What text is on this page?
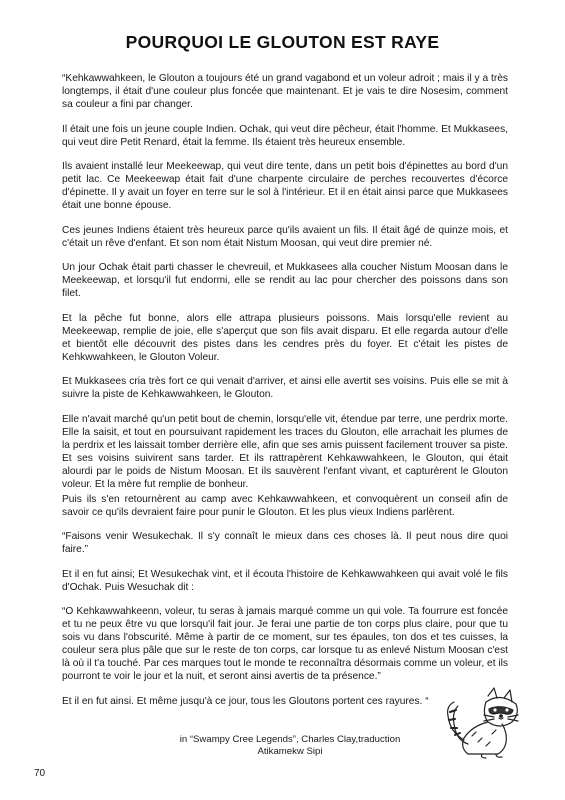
POURQUOI LE GLOUTON EST RAYE

“Kehkawwahkeen, le Glouton a toujours été un grand vagabond et un voleur adroit ; mais il y a très longtemps, il était d'une couleur plus foncée que maintenant. Et je vais te dire Nosesim, comment sa couleur a fini par changer.

Il était une fois un jeune couple Indien. Ochak, qui veut dire pêcheur, était l'homme. Et Mukkasees, qui veut dire Petit Renard, était la femme. Ils étaient très heureux ensemble.

Ils avaient installé leur Meekeewap, qui veut dire tente, dans un petit bois d'épinettes au bord d'un petit lac. Ce Meekeewap était fait d'une charpente circulaire de perches recouvertes d'écorce d'épinette. Il y avait un foyer en terre sur le sol à l'intérieur. Et il en était ainsi parce que Mukkasees était une bonne épouse.

Ces jeunes Indiens étaient très heureux parce qu'ils avaient un fils. Il était âgé de quinze mois, et c'était un rêve d'enfant. Et son nom était Nistum Moosan, qui veut dire premier né.

Un jour Ochak était parti chasser le chevreuil, et Mukkasees alla coucher Nistum Moosan dans le Meekeewap, et lorsqu'il fut endormi, elle se rendit au lac pour chercher des poissons dans son filet.

Et la pêche fut bonne, alors elle attrapa plusieurs poissons. Mais lorsqu'elle revient au Meekeewap, remplie de joie, elle s'aperçut que son fils avait disparu. Et elle regarda autour d'elle et bientôt elle découvrit des pistes dans les cendres près du foyer. Et c'était les pistes de Kehkwwahkeen, le Glouton Voleur.

Et Mukkasees cria très fort ce qui venait d'arriver, et ainsi elle avertit ses voisins. Puis elle se mit à suivre la piste de Kehkawwahkeen, le Glouton.

Elle n'avait marché qu'un petit bout de chemin, lorsqu'elle vit, étendue par terre, une perdrix morte. Elle la saisit, et tout en poursuivant rapidement les traces du Glouton, elle arrachait les plumes de la perdrix et les laissait tomber derrière elle, afin que ses amis puissent facilement trouver sa piste. Et ses voisins suivirent sans tarder. Et ils rattrapèrent Kehkawwahkeen, le Glouton, qui était alourdi par le poids de Nistum Moosan. Et ils sauvèrent l'enfant vivant, et capturèrent le Glouton voleur. Et la mère fut remplie de bonheur.

Puis ils s'en retournèrent au camp avec Kehkawwahkeen, et convoquèrent un conseil afin de savoir ce qu'ils devraient faire pour punir le Glouton. Et les plus vieux Indiens parlèrent.

“Faisons venir Wesukechak. Il s'y connaît le mieux dans ces choses là. Il peut nous dire quoi faire.”

Et il en fut ainsi; Et Wesukechak vint, et il écouta l'histoire de Kehkawwahkeen qui avait volé le fils d'Ochak. Puis Wesuchak dit :

“O Kehkawwahkeenn, voleur, tu seras à jamais marqué comme un qui vole. Ta fourrure est foncée et tu ne peux être vu que lorsqu'il fait jour. Je ferai une partie de ton corps plus claire, pour que tu sois vu dans l'obscurité. Même à partir de ce moment, sur tes épaules, ton dos et tes cuisses, la couleur sera plus pâle que sur le reste de ton corps, car lorsque tu as enlevé Nistum Moosan c'est là où il t'a touché. Par ces marques tout le monde te reconnaîtra désormais comme un voleur, et ils pourront te voir le jour et la nuit, et seront ainsi avertis de ta présence.”

Et il en fut ainsi. Et même jusqu'à ce jour, tous les Gloutons portent ces rayures. “

in “Swampy Cree Legends”, Charles Clay,traduction
Atikamekw Sipi
70
